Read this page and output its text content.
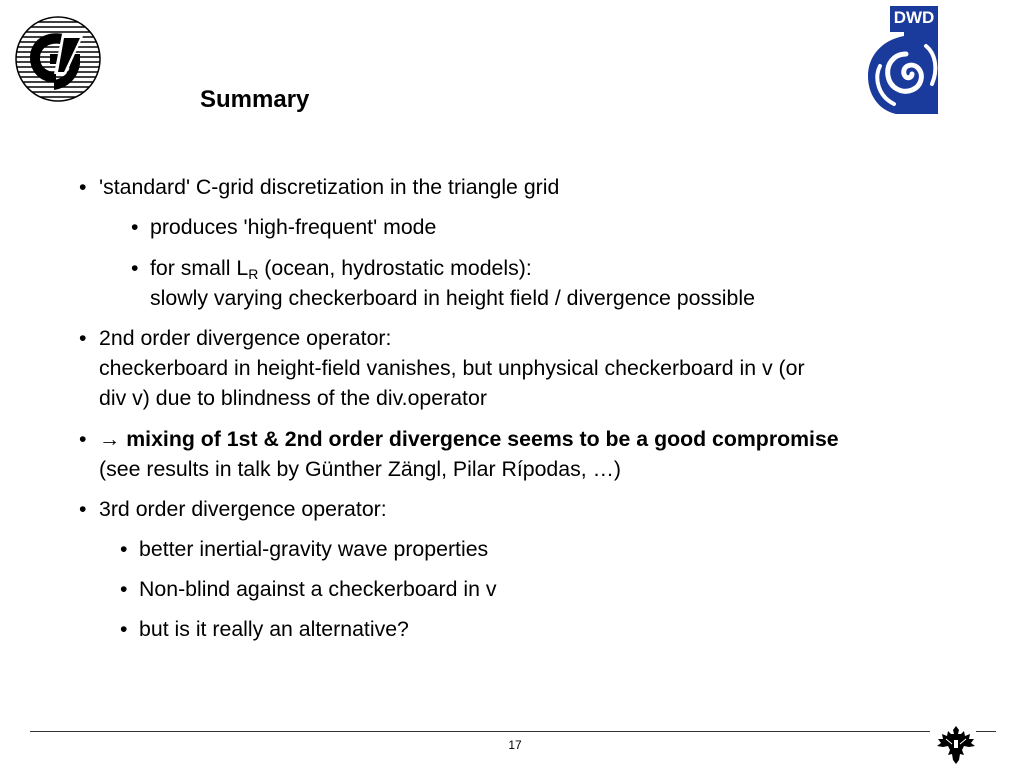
DWD
Summary
• 'standard' C-grid discretization in the triangle grid

• produces 'high-frequent' mode

• for small $L_R$ (ocean, hydrostatic models):

slowly varying checkerboard in height field / divergence possible

• 2nd order divergence operator:

checkerboard in height-field vanishes, but unphysical checkerboard in v (or

div v) due to blindness of the div.operator

• → mixing of 1st & 2nd order divergence seems to be a good compromise

(see results in talk by Günther Zängl, Pilar Rípodas, …)

• 3rd order divergence operator:

• better inertial-gravity wave properties

• Non-blind against a checkerboard in v

• but is it really an alternative?

17
